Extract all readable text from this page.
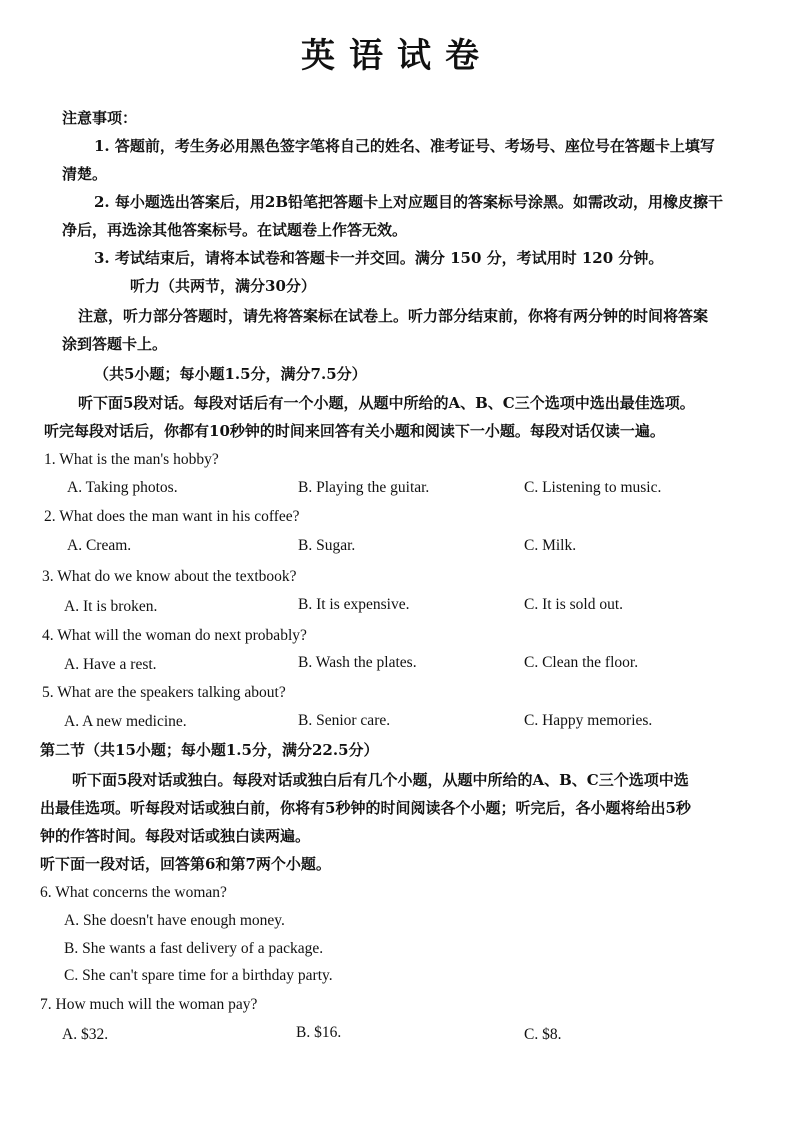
英语试卷
注意事项：
1. 答题前，考生务必用黑色签字笔将自己的姓名、准考证号、考场号、座位号在答题卡上填写
清楚。
2. 每小题选出答案后，用2B铅笔把答题卡上对应题目的答案标号涂黑。如需改动，用橡皮擦干
净后，再选涂其他答案标号。在试题卷上作答无效。
3. 考试结束后，请将本试卷和答题卡一并交回。满分 150 分，考试用时 120 分钟。
听力（共两节，满分30分）
注意，听力部分答题时，请先将答案标在试卷上。听力部分结束前，你将有两分钟的时间将答案
涂到答题卡上。
（共5小题；每小题1.5分，满分7.5分）
听下面5段对话。每段对话后有一个小题，从题中所给的A、B、C三个选项中选出最佳选项。
听完每段对话后，你都有10秒钟的时间来回答有关小题和阅读下一小题。每段对话仅读一遍。
1. What is the man's hobby?
A. Taking photos.	B. Playing the guitar.	C. Listening to music.
2. What does the man want in his coffee?
A. Cream.	B. Sugar.	C. Milk.
3. What do we know about the textbook?
A. It is broken.	B. It is expensive.	C. It is sold out.
4. What will the woman do next probably?
A. Have a rest.	B. Wash the plates.	C. Clean the floor.
5. What are the speakers talking about?
A. A new medicine.	B. Senior care.	C. Happy memories.
第二节（共15小题；每小题1.5分，满分22.5分）
听下面5段对话或独白。每段对话或独白后有几个小题，从题中所给的A、B、C三个选项中选
出最佳选项。听每段对话或独白前，你将有5秒钟的时间阅读各个小题；听完后，各小题将给出5秒
钟的作答时间。每段对话或独白读两遍。
听下面一段对话，回答第6和第7两个小题。
6. What concerns the woman?
A. She doesn't have enough money.
B. She wants a fast delivery of a package.
C. She can't spare time for a birthday party.
7. How much will the woman pay?
A. $32.	B. $16.	C. $8.
